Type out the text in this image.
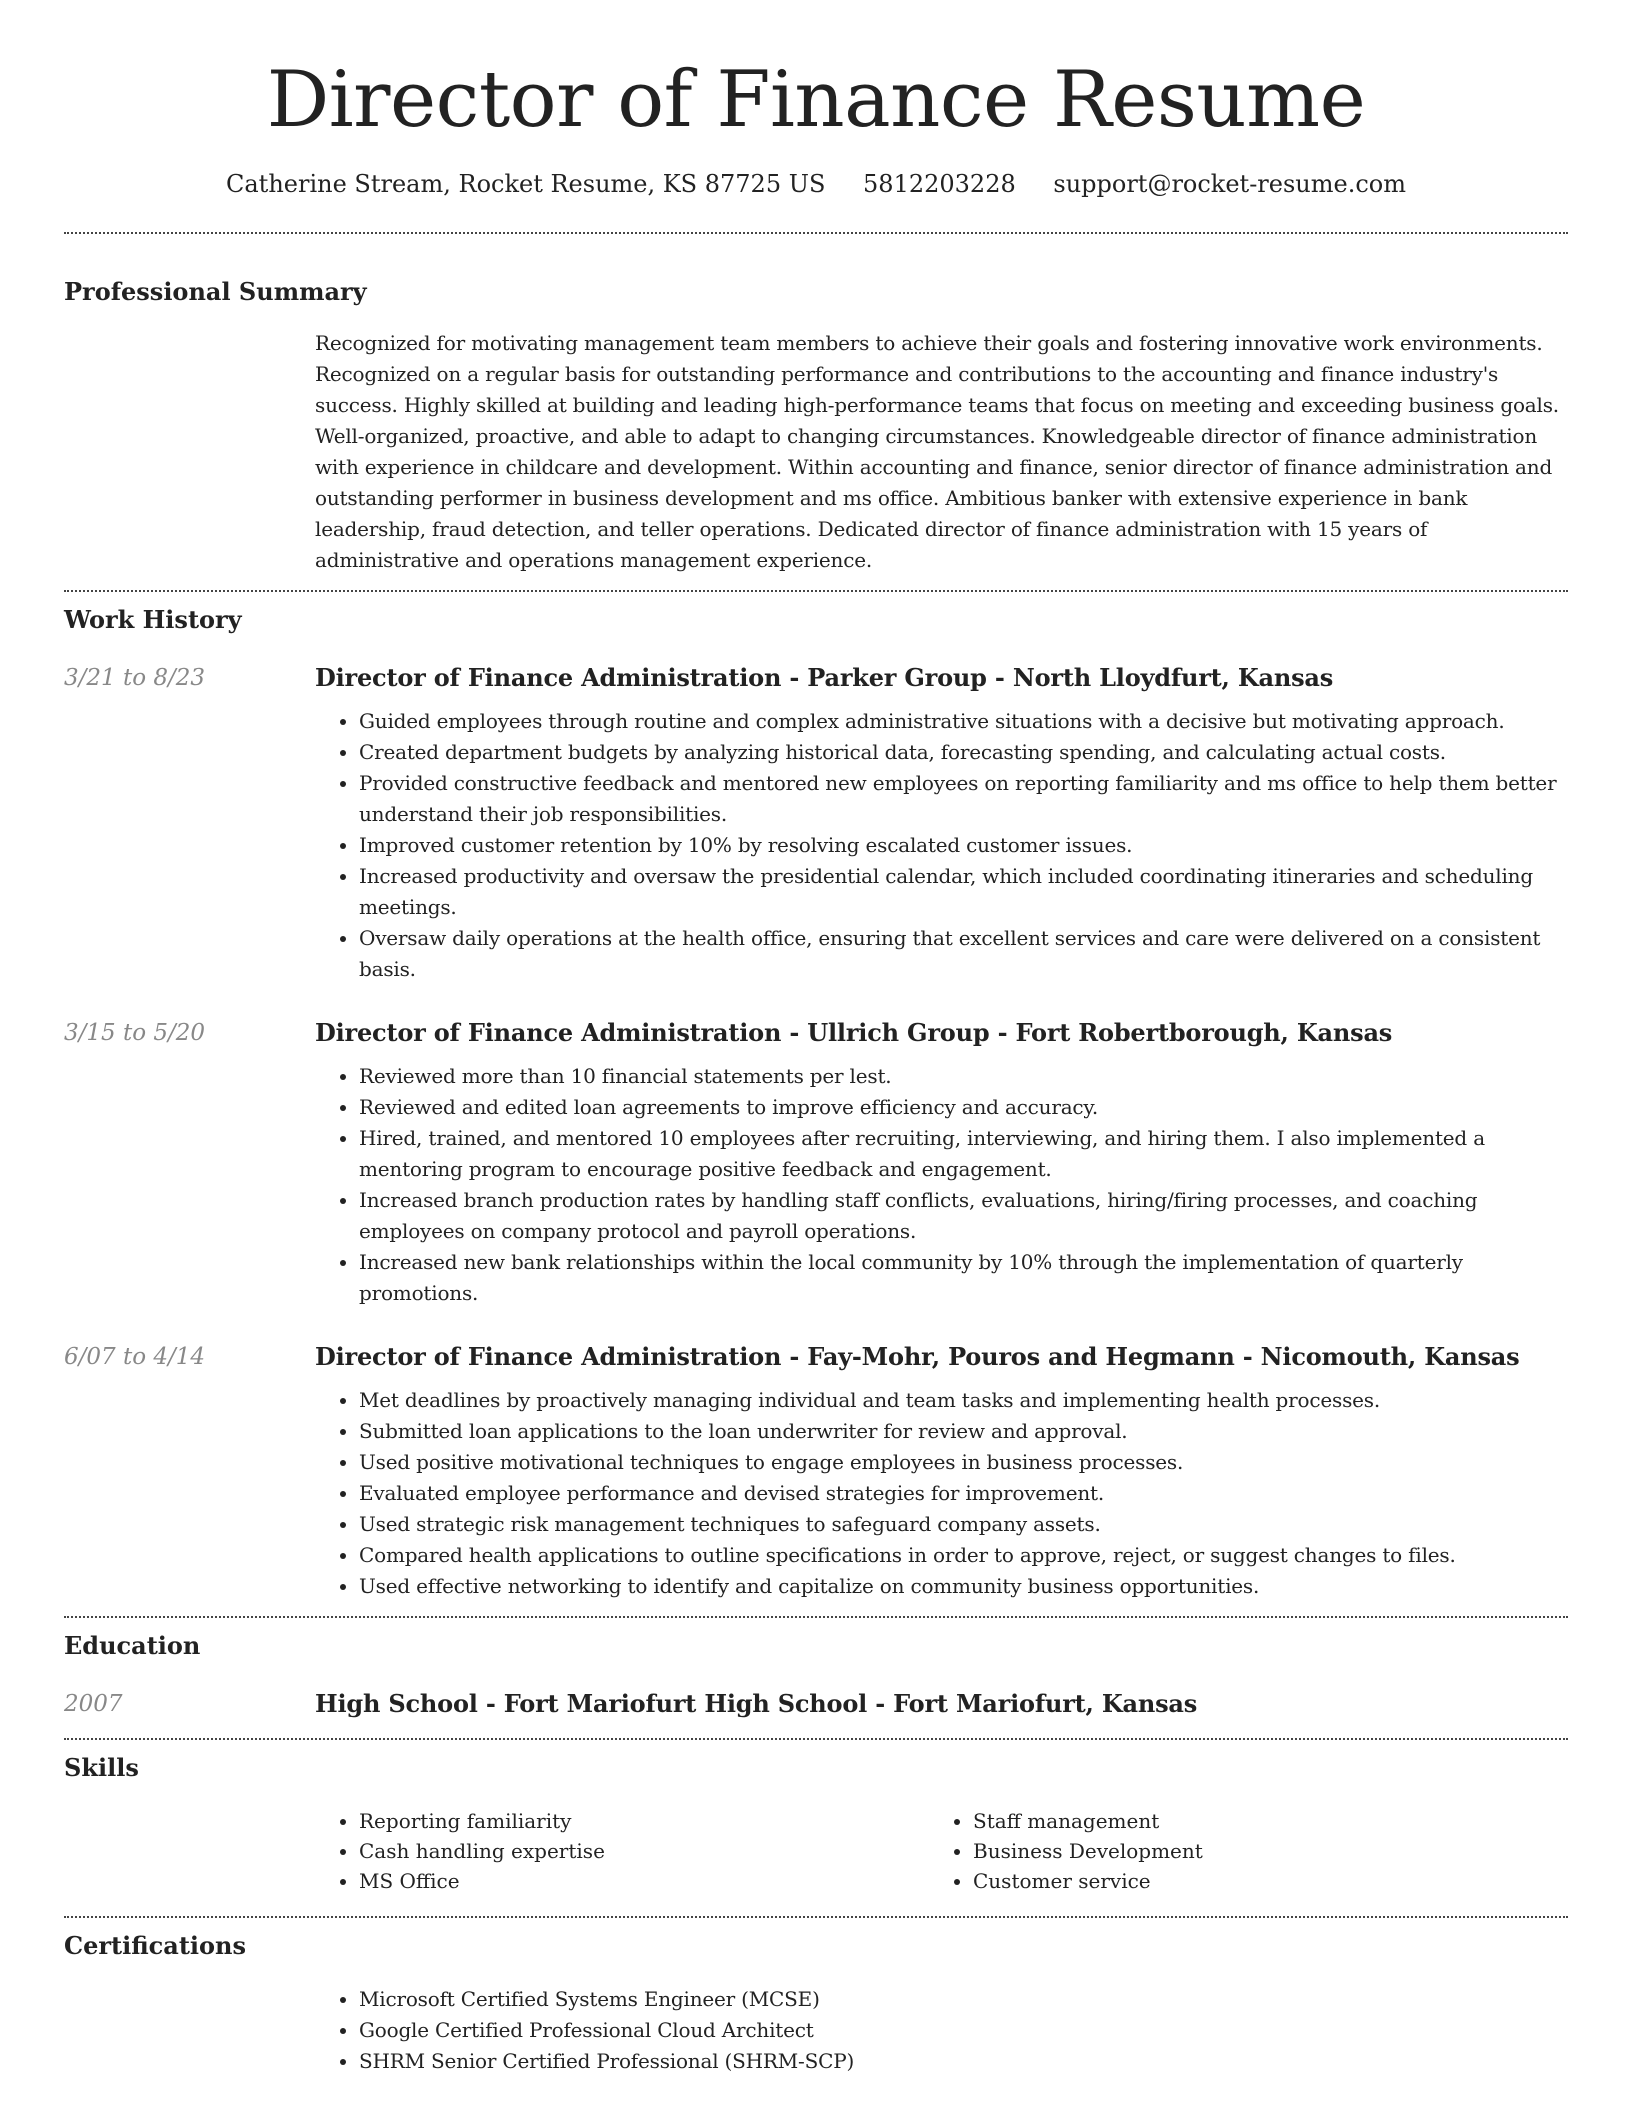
Director of Finance Resume
Catherine Stream, Rocket Resume, KS 87725 US 5812203228 support@rocket-resume.com
Professional Summary

Recognized for motivating management team members to achieve their goals and fostering innovative work environments. Recognized on a regular basis for outstanding performance and contributions to the accounting and finance industry's success. Highly skilled at building and leading high-performance teams that focus on meeting and exceeding business goals. Well-organized, proactive, and able to adapt to changing circumstances. Knowledgeable director of finance administration with experience in childcare and development. Within accounting and finance, senior director of finance administration and outstanding performer in business development and ms office. Ambitious banker with extensive experience in bank leadership, fraud detection, and teller operations. Dedicated director of finance administration with 15 years of administrative and operations management experience.

Work History
3/21 to 8/23	Director of Finance Administration - Parker Group - North Lloydfurt, Kansas
• Guided employees through routine and complex administrative situations with a decisive but motivating approach.
• Created department budgets by analyzing historical data, forecasting spending, and calculating actual costs.
• Provided constructive feedback and mentored new employees on reporting familiarity and ms office to help them better understand their job responsibilities.
• Improved customer retention by 10% by resolving escalated customer issues.
• Increased productivity and oversaw the presidential calendar, which included coordinating itineraries and scheduling meetings.
• Oversaw daily operations at the health office, ensuring that excellent services and care were delivered on a consistent basis.
3/15 to 5/20	Director of Finance Administration - Ullrich Group - Fort Robertborough, Kansas
• Reviewed more than 10 financial statements per lest.
• Reviewed and edited loan agreements to improve efficiency and accuracy.
• Hired, trained, and mentored 10 employees after recruiting, interviewing, and hiring them. I also implemented a mentoring program to encourage positive feedback and engagement.
• Increased branch production rates by handling staff conflicts, evaluations, hiring/firing processes, and coaching employees on company protocol and payroll operations.
• Increased new bank relationships within the local community by 10% through the implementation of quarterly promotions.
6/07 to 4/14	Director of Finance Administration - Fay-Mohr, Pouros and Hegmann - Nicomouth, Kansas
• Met deadlines by proactively managing individual and team tasks and implementing health processes.
• Submitted loan applications to the loan underwriter for review and approval.
• Used positive motivational techniques to engage employees in business processes.
• Evaluated employee performance and devised strategies for improvement.
• Used strategic risk management techniques to safeguard company assets.
• Compared health applications to outline specifications in order to approve, reject, or suggest changes to files.
• Used effective networking to identify and capitalize on community business opportunities.
Education
2007	High School - Fort Mariofurt High School - Fort Mariofurt, Kansas
Skills
• Reporting familiarity
• Cash handling expertise
• MS Office
• Staff management
• Business Development
• Customer service
Certifications
• Microsoft Certified Systems Engineer (MCSE)
• Google Certified Professional Cloud Architect
• SHRM Senior Certified Professional (SHRM-SCP)
